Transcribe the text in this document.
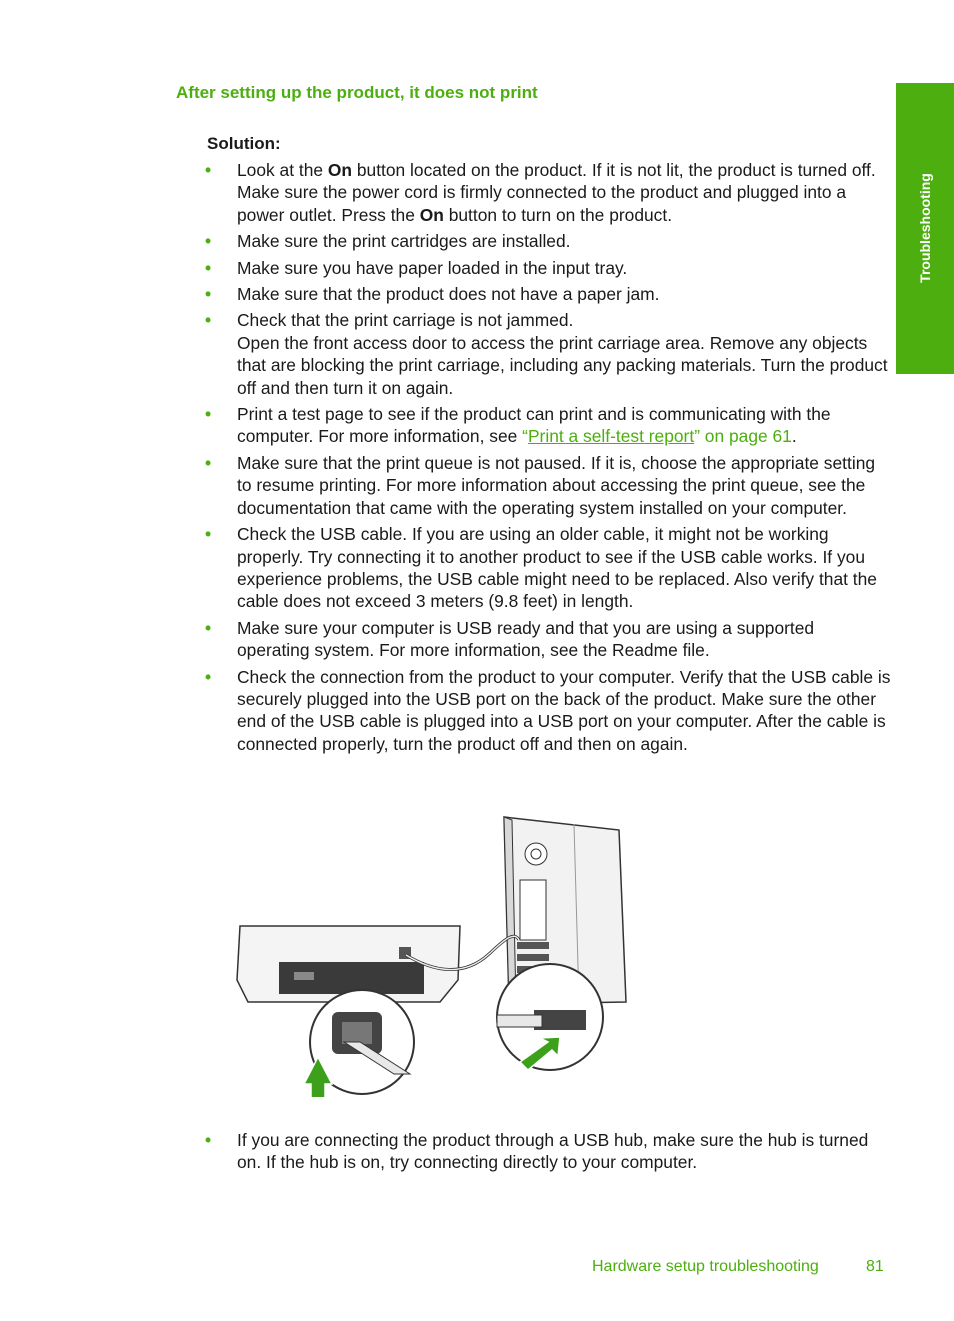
Troubleshooting
After setting up the product, it does not print
Solution:
• Look at the On button located on the product. If it is not lit, the product is turned off. Make sure the power cord is firmly connected to the product and plugged into a power outlet. Press the On button to turn on the product.
• Make sure the print cartridges are installed.
• Make sure you have paper loaded in the input tray.
• Make sure that the product does not have a paper jam.
• Check that the print carriage is not jammed.
Open the front access door to access the print carriage area. Remove any objects that are blocking the print carriage, including any packing materials. Turn the product off and then turn it on again.
• Print a test page to see if the product can print and is communicating with the computer. For more information, see “Print a self-test report” on page 61.
• Make sure that the print queue is not paused. If it is, choose the appropriate setting to resume printing. For more information about accessing the print queue, see the documentation that came with the operating system installed on your computer.
• Check the USB cable. If you are using an older cable, it might not be working properly. Try connecting it to another product to see if the USB cable works. If you experience problems, the USB cable might need to be replaced. Also verify that the cable does not exceed 3 meters (9.8 feet) in length.
• Make sure your computer is USB ready and that you are using a supported operating system. For more information, see the Readme file.
• Check the connection from the product to your computer. Verify that the USB cable is securely plugged into the USB port on the back of the product. Make sure the other end of the USB cable is plugged into a USB port on your computer. After the cable is connected properly, turn the product off and then on again.
• If you are connecting the product through a USB hub, make sure the hub is turned on. If the hub is on, try connecting directly to your computer.
Hardware setup troubleshooting	81
